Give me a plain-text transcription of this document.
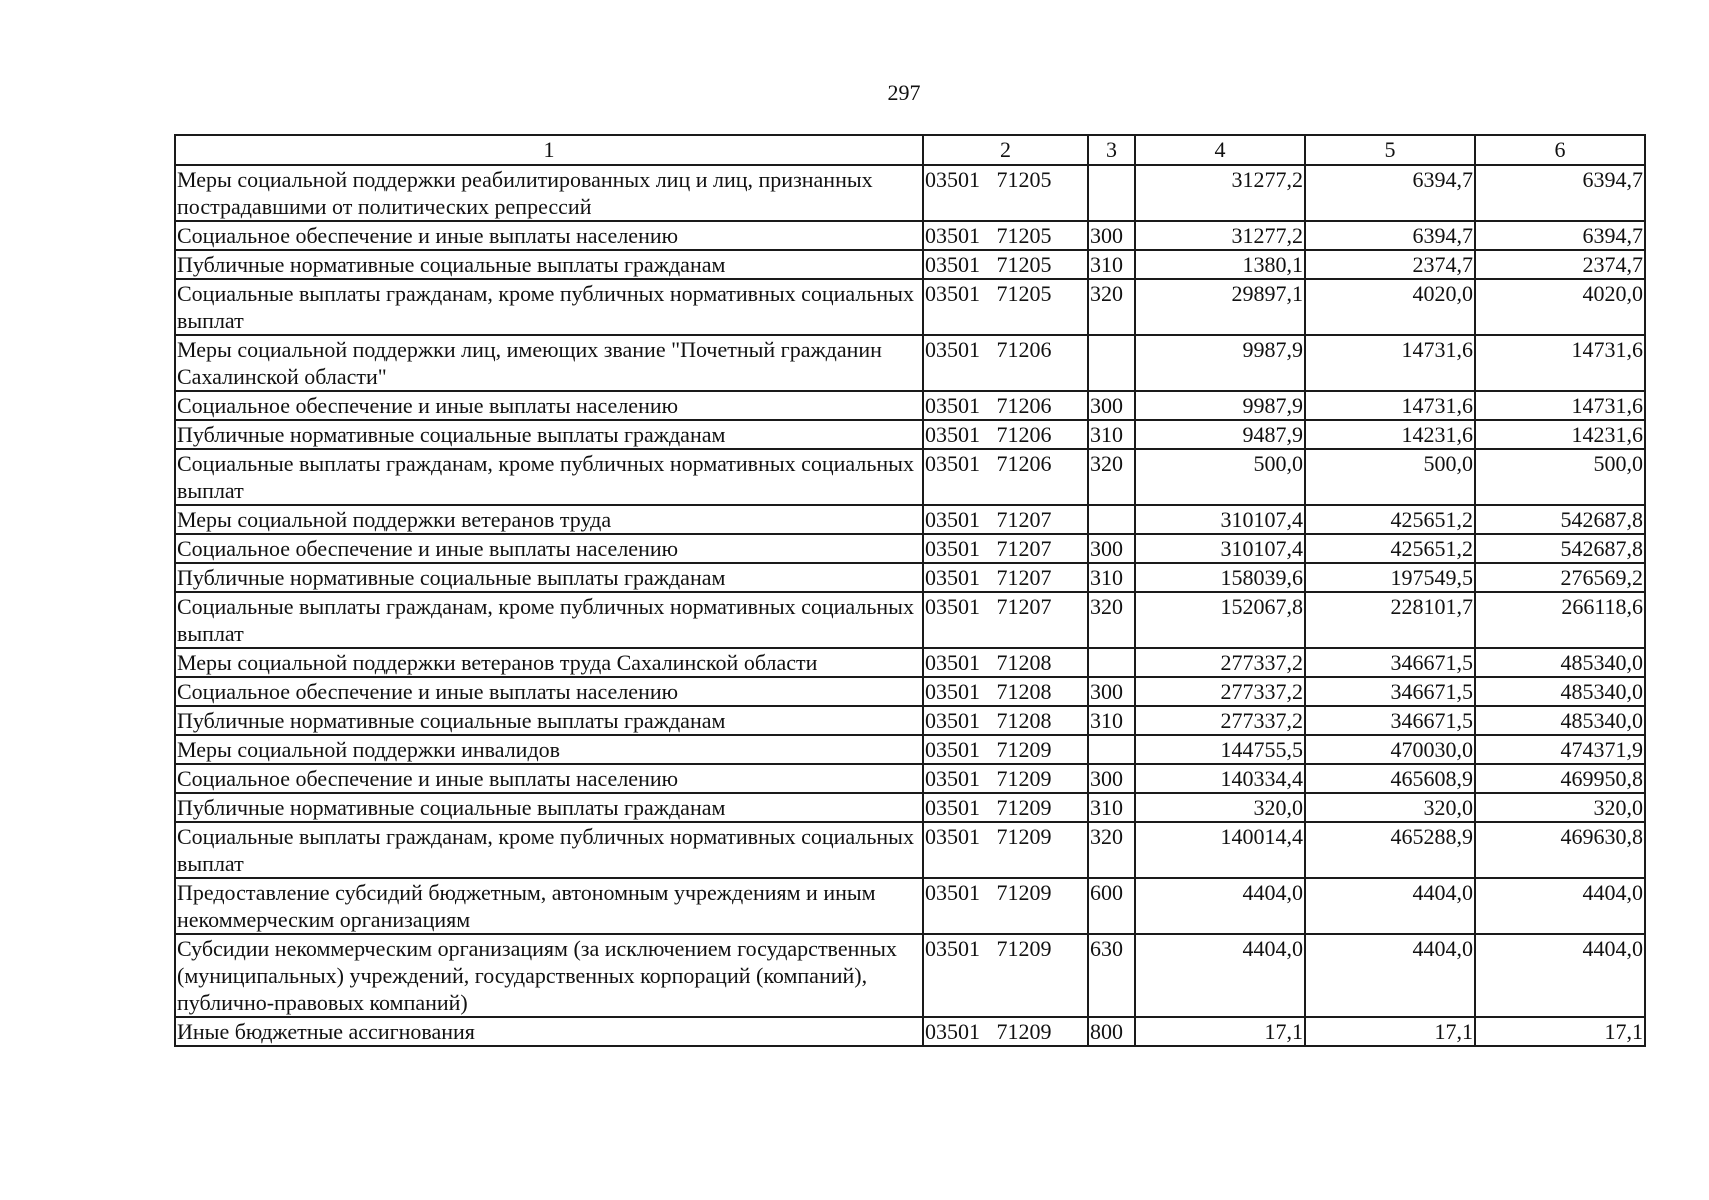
297
1	2	3	4	5	6
Меры социальной поддержки реабилитированных лиц и лиц, признанных пострадавшими от политических репрессий	03501   71205		31277,2	6394,7	6394,7
Социальное обеспечение и иные выплаты населению	03501   71205	300	31277,2	6394,7	6394,7
Публичные нормативные социальные выплаты гражданам	03501   71205	310	1380,1	2374,7	2374,7
Социальные выплаты гражданам, кроме публичных нормативных социальных выплат	03501   71205	320	29897,1	4020,0	4020,0
Меры социальной поддержки лиц, имеющих звание "Почетный гражданин Сахалинской области"	03501   71206		9987,9	14731,6	14731,6
Социальное обеспечение и иные выплаты населению	03501   71206	300	9987,9	14731,6	14731,6
Публичные нормативные социальные выплаты гражданам	03501   71206	310	9487,9	14231,6	14231,6
Социальные выплаты гражданам, кроме публичных нормативных социальных выплат	03501   71206	320	500,0	500,0	500,0
Меры социальной поддержки ветеранов труда	03501   71207		310107,4	425651,2	542687,8
Социальное обеспечение и иные выплаты населению	03501   71207	300	310107,4	425651,2	542687,8
Публичные нормативные социальные выплаты гражданам	03501   71207	310	158039,6	197549,5	276569,2
Социальные выплаты гражданам, кроме публичных нормативных социальных выплат	03501   71207	320	152067,8	228101,7	266118,6
Меры социальной поддержки ветеранов труда Сахалинской области	03501   71208		277337,2	346671,5	485340,0
Социальное обеспечение и иные выплаты населению	03501   71208	300	277337,2	346671,5	485340,0
Публичные нормативные социальные выплаты гражданам	03501   71208	310	277337,2	346671,5	485340,0
Меры социальной поддержки инвалидов	03501   71209		144755,5	470030,0	474371,9
Социальное обеспечение и иные выплаты населению	03501   71209	300	140334,4	465608,9	469950,8
Публичные нормативные социальные выплаты гражданам	03501   71209	310	320,0	320,0	320,0
Социальные выплаты гражданам, кроме публичных нормативных социальных выплат	03501   71209	320	140014,4	465288,9	469630,8
Предоставление субсидий бюджетным, автономным учреждениям и иным некоммерческим организациям	03501   71209	600	4404,0	4404,0	4404,0
Субсидии некоммерческим организациям (за исключением государственных (муниципальных) учреждений, государственных корпораций (компаний), публично-правовых компаний)	03501   71209	630	4404,0	4404,0	4404,0
Иные бюджетные ассигнования	03501   71209	800	17,1	17,1	17,1
